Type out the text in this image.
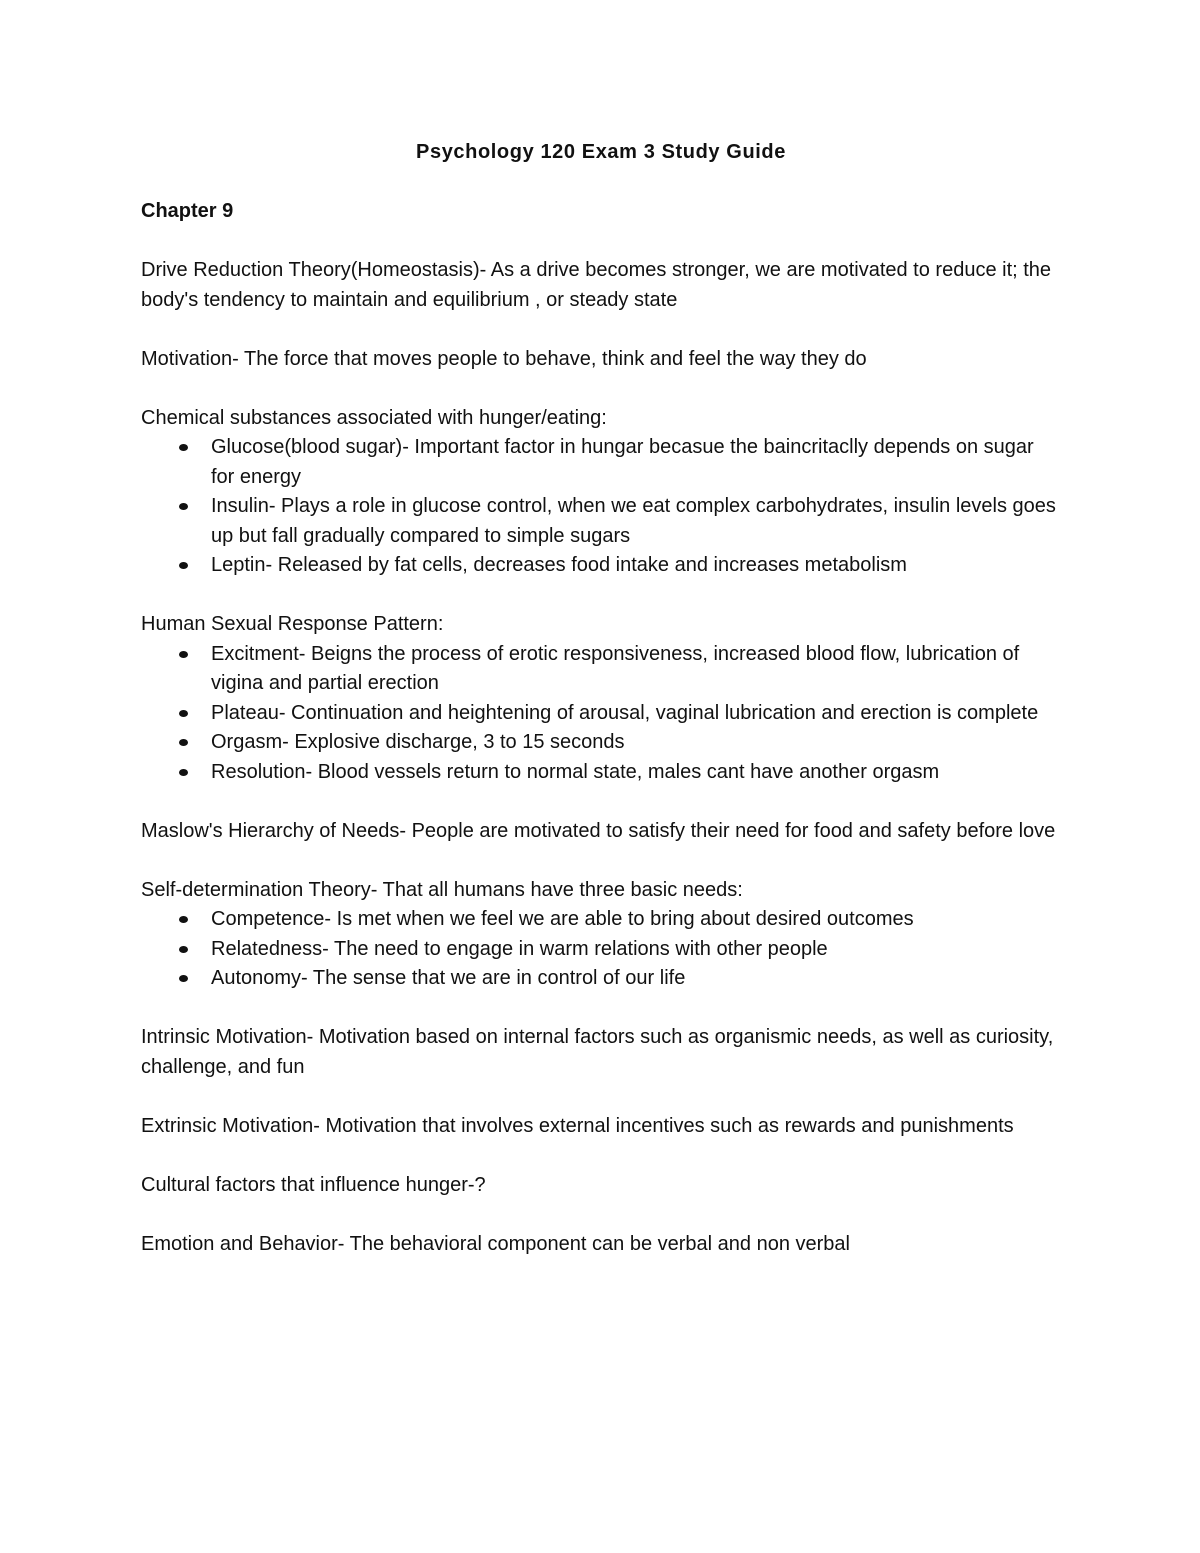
Psychology 120 Exam 3 Study Guide
Chapter 9
Drive Reduction Theory(Homeostasis)- As a drive becomes stronger, we are motivated to reduce it; the body's tendency to maintain and equilibrium , or steady state
Motivation- The force that moves people to behave, think and feel the way they do
Chemical substances associated with hunger/eating:
Glucose(blood sugar)- Important factor in hungar becasue the baincritaclly depends on sugar for energy
Insulin- Plays a role in glucose control, when we eat complex carbohydrates, insulin levels goes up but fall gradually compared to simple sugars
Leptin- Released by fat cells, decreases food intake and increases metabolism
Human Sexual Response Pattern:
Excitment- Beigns the process of erotic responsiveness, increased blood flow, lubrication of vigina and partial erection
Plateau- Continuation and heightening of arousal, vaginal lubrication and erection is complete
Orgasm- Explosive discharge, 3 to 15 seconds
Resolution- Blood vessels return to normal state, males cant have another orgasm
Maslow's Hierarchy of Needs- People are motivated to satisfy their need for food and safety before love
Self-determination Theory- That all humans have three basic needs:
Competence- Is met when we feel we are able to bring about desired outcomes
Relatedness- The need to engage in warm relations with other people
Autonomy- The sense that we are in control of our life
Intrinsic Motivation- Motivation based on internal factors such as organismic needs, as well as curiosity, challenge, and fun
Extrinsic Motivation- Motivation that involves external incentives such as rewards and punishments
Cultural factors that influence hunger-?
Emotion and Behavior- The behavioral component can be verbal and non verbal
